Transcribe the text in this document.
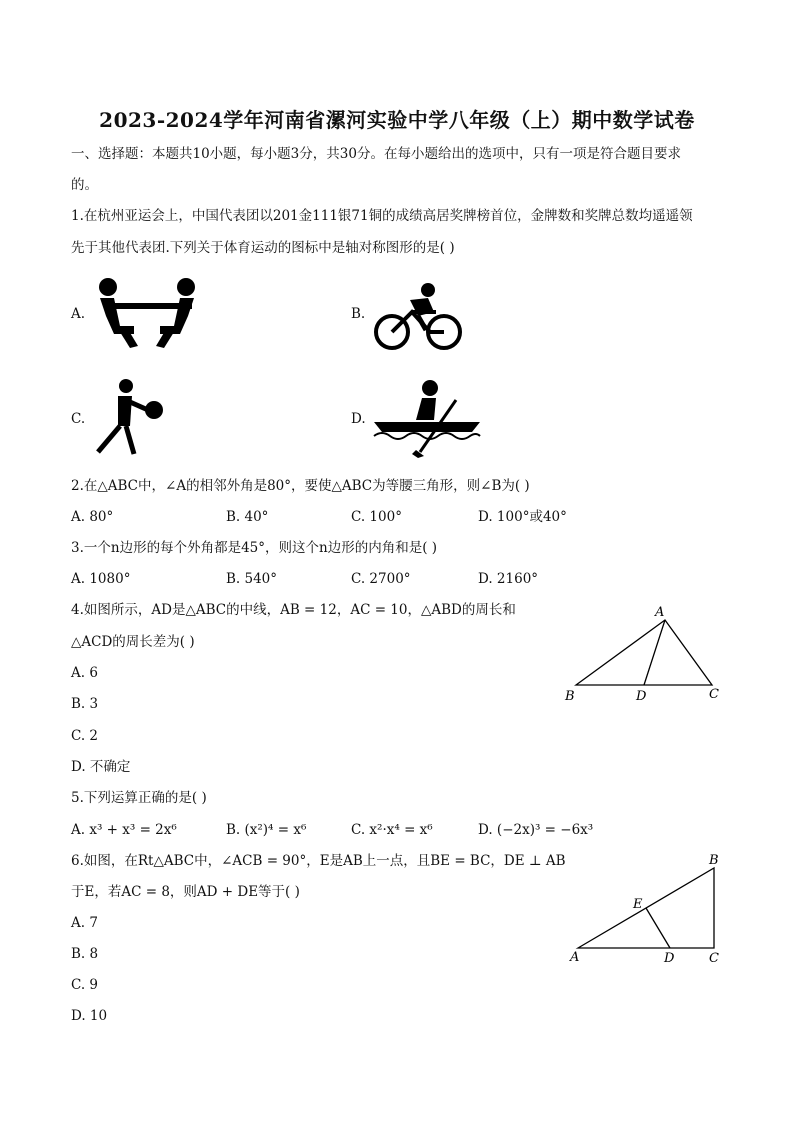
2023-2024学年河南省漯河实验中学八年级（上）期中数学试卷
一、选择题：本题共10小题，每小题3分，共30分。在每小题给出的选项中，只有一项是符合题目要求
的。
1.在杭州亚运会上，中国代表团以201金111银71铜的成绩高居奖牌榜首位，金牌数和奖牌总数均遥遥领
先于其他代表团.下列关于体育运动的图标中是轴对称图形的是( )
A.	B.
C.	D.
2.在△ABC中，∠A的相邻外角是80°，要使△ABC为等腰三角形，则∠B为( )
A. 80°	B. 40°	C. 100°	D. 100°或40°
3.一个n边形的每个外角都是45°，则这个n边形的内角和是( )
A. 1080°	B. 540°	C. 2700°	D. 2160°
4.如图所示，AD是△ABC的中线，AB = 12，AC = 10，△ABD的周长和
△ACD的周长差为( )
A. 6
B. 3
C. 2
D. 不确定
A
B	D	C
5.下列运算正确的是( )
A. x³ + x³ = 2x⁶	B. (x²)⁴ = x⁶	C. x²·x⁴ = x⁶	D. (−2x)³ = −6x³
6.如图，在Rt△ABC中，∠ACB = 90°，E是AB上一点，且BE = BC，DE ⊥ AB
于E，若AC = 8，则AD + DE等于( )
A. 7
B. 8
C. 9
D. 10
B
E
A	D	C
